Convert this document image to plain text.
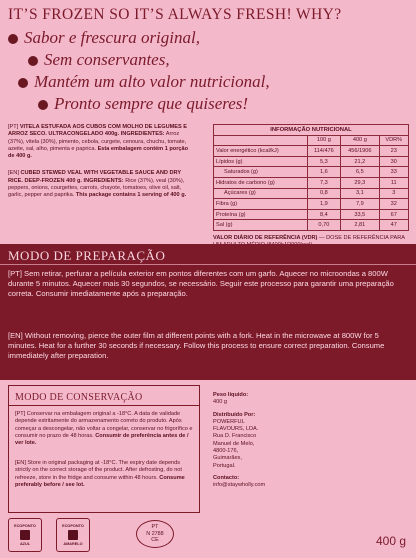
IT’S FROZEN SO IT’S ALWAYS FRESH! WHY?
Sabor e frescura original,
Sem conservantes,
Mantém um alto valor nutricional,
Pronto sempre que quiseres!

[PT] VITELA ESTUFADA AOS CUBOS COM MOLHO DE LEGUMES E ARROZ SECO. ULTRACONGELADO 400g. INGREDIENTES: Arroz (37%), vitela (30%), pimento, cebola, curgete, cenoura, chuchu, tomate, azeite, sal, alho, pimenta e paprica. Esta embalagem contém 1 porção de 400 g.

[EN] CUBED STEWED VEAL WITH VEGETABLE SAUCE AND DRY RICE. DEEP-FROZEN 400 g. INGREDIENTS: Rice (37%), veal (30%), peppers, onions, courgettes, carrots, chayote, tomatoes, olive oil, salt, garlic, pepper and paprika. This package contains 1 serving of 400 g.

INFORMAÇÃO NUTRICIONAL			
	100 g	400 g	VDR%
Valor energético (kcal/kJ)	114/476	456/1906	23
Lípidos (g)	5,3	21,2	30
Saturados (g)	1,6	6,5	33
Hidratos de carbono (g)	7,3	29,3	11
Açúcares (g)	0,8	3,1	3
Fibra (g)	1,9	7,9	32
Proteína (g)	8,4	33,5	67
Sal (g)	0,70	2,81	47
VALOR DIÁRIO DE REFERÊNCIA (VDR) — DOSE DE REFERÊNCIA PARA

MODO DE PREPARAÇÃO
[PT] Sem retirar, perfurar a película exterior em pontos diferentes com um garfo. Aquecer no microondas a 800W durante 5 minutos. Aquecer mais 30 segundos, se necessário. Seguir este processo para garantir uma preparação correta. Consumir imediatamente após a preparação.
[EN] Without removing, pierce the outer film at different points with a fork. Heat in the microwave at 800W for 5 minutes. Heat for a further 30 seconds if necessary. Follow this process to ensure correct preparation. Consume immediately after preparation.
MODO DE CONSERVAÇÃO
[PT] Conservar na embalagem original a -18°C. A data de validade depende estritamente do armazenamento correto do produto. Após começar a descongelar, não voltar a congelar, conservar no frigorífico e consumir no prazo de 48 horas. Consumir de preferência antes de / ver lote.
[EN] Store in original packaging at -18°C. The expiry date depends strictly on the correct storage of the product. After defrosting, do not refreeze, store in the fridge and consume within 48 hours. Consume preferably before / see lot.
Peso líquido:
400 g
Distribuído Por:
POWERFUL
FLAVOURS, LDA.
Rua D. Francisco
Manuel de Melo,
4800-176,
Guimarães,
Portugal.
Contacto:
info@staywholly.com
ECOPONTO
AZUL
ECOPONTO
AMARELO
PT
N 2788
CE	400 g
